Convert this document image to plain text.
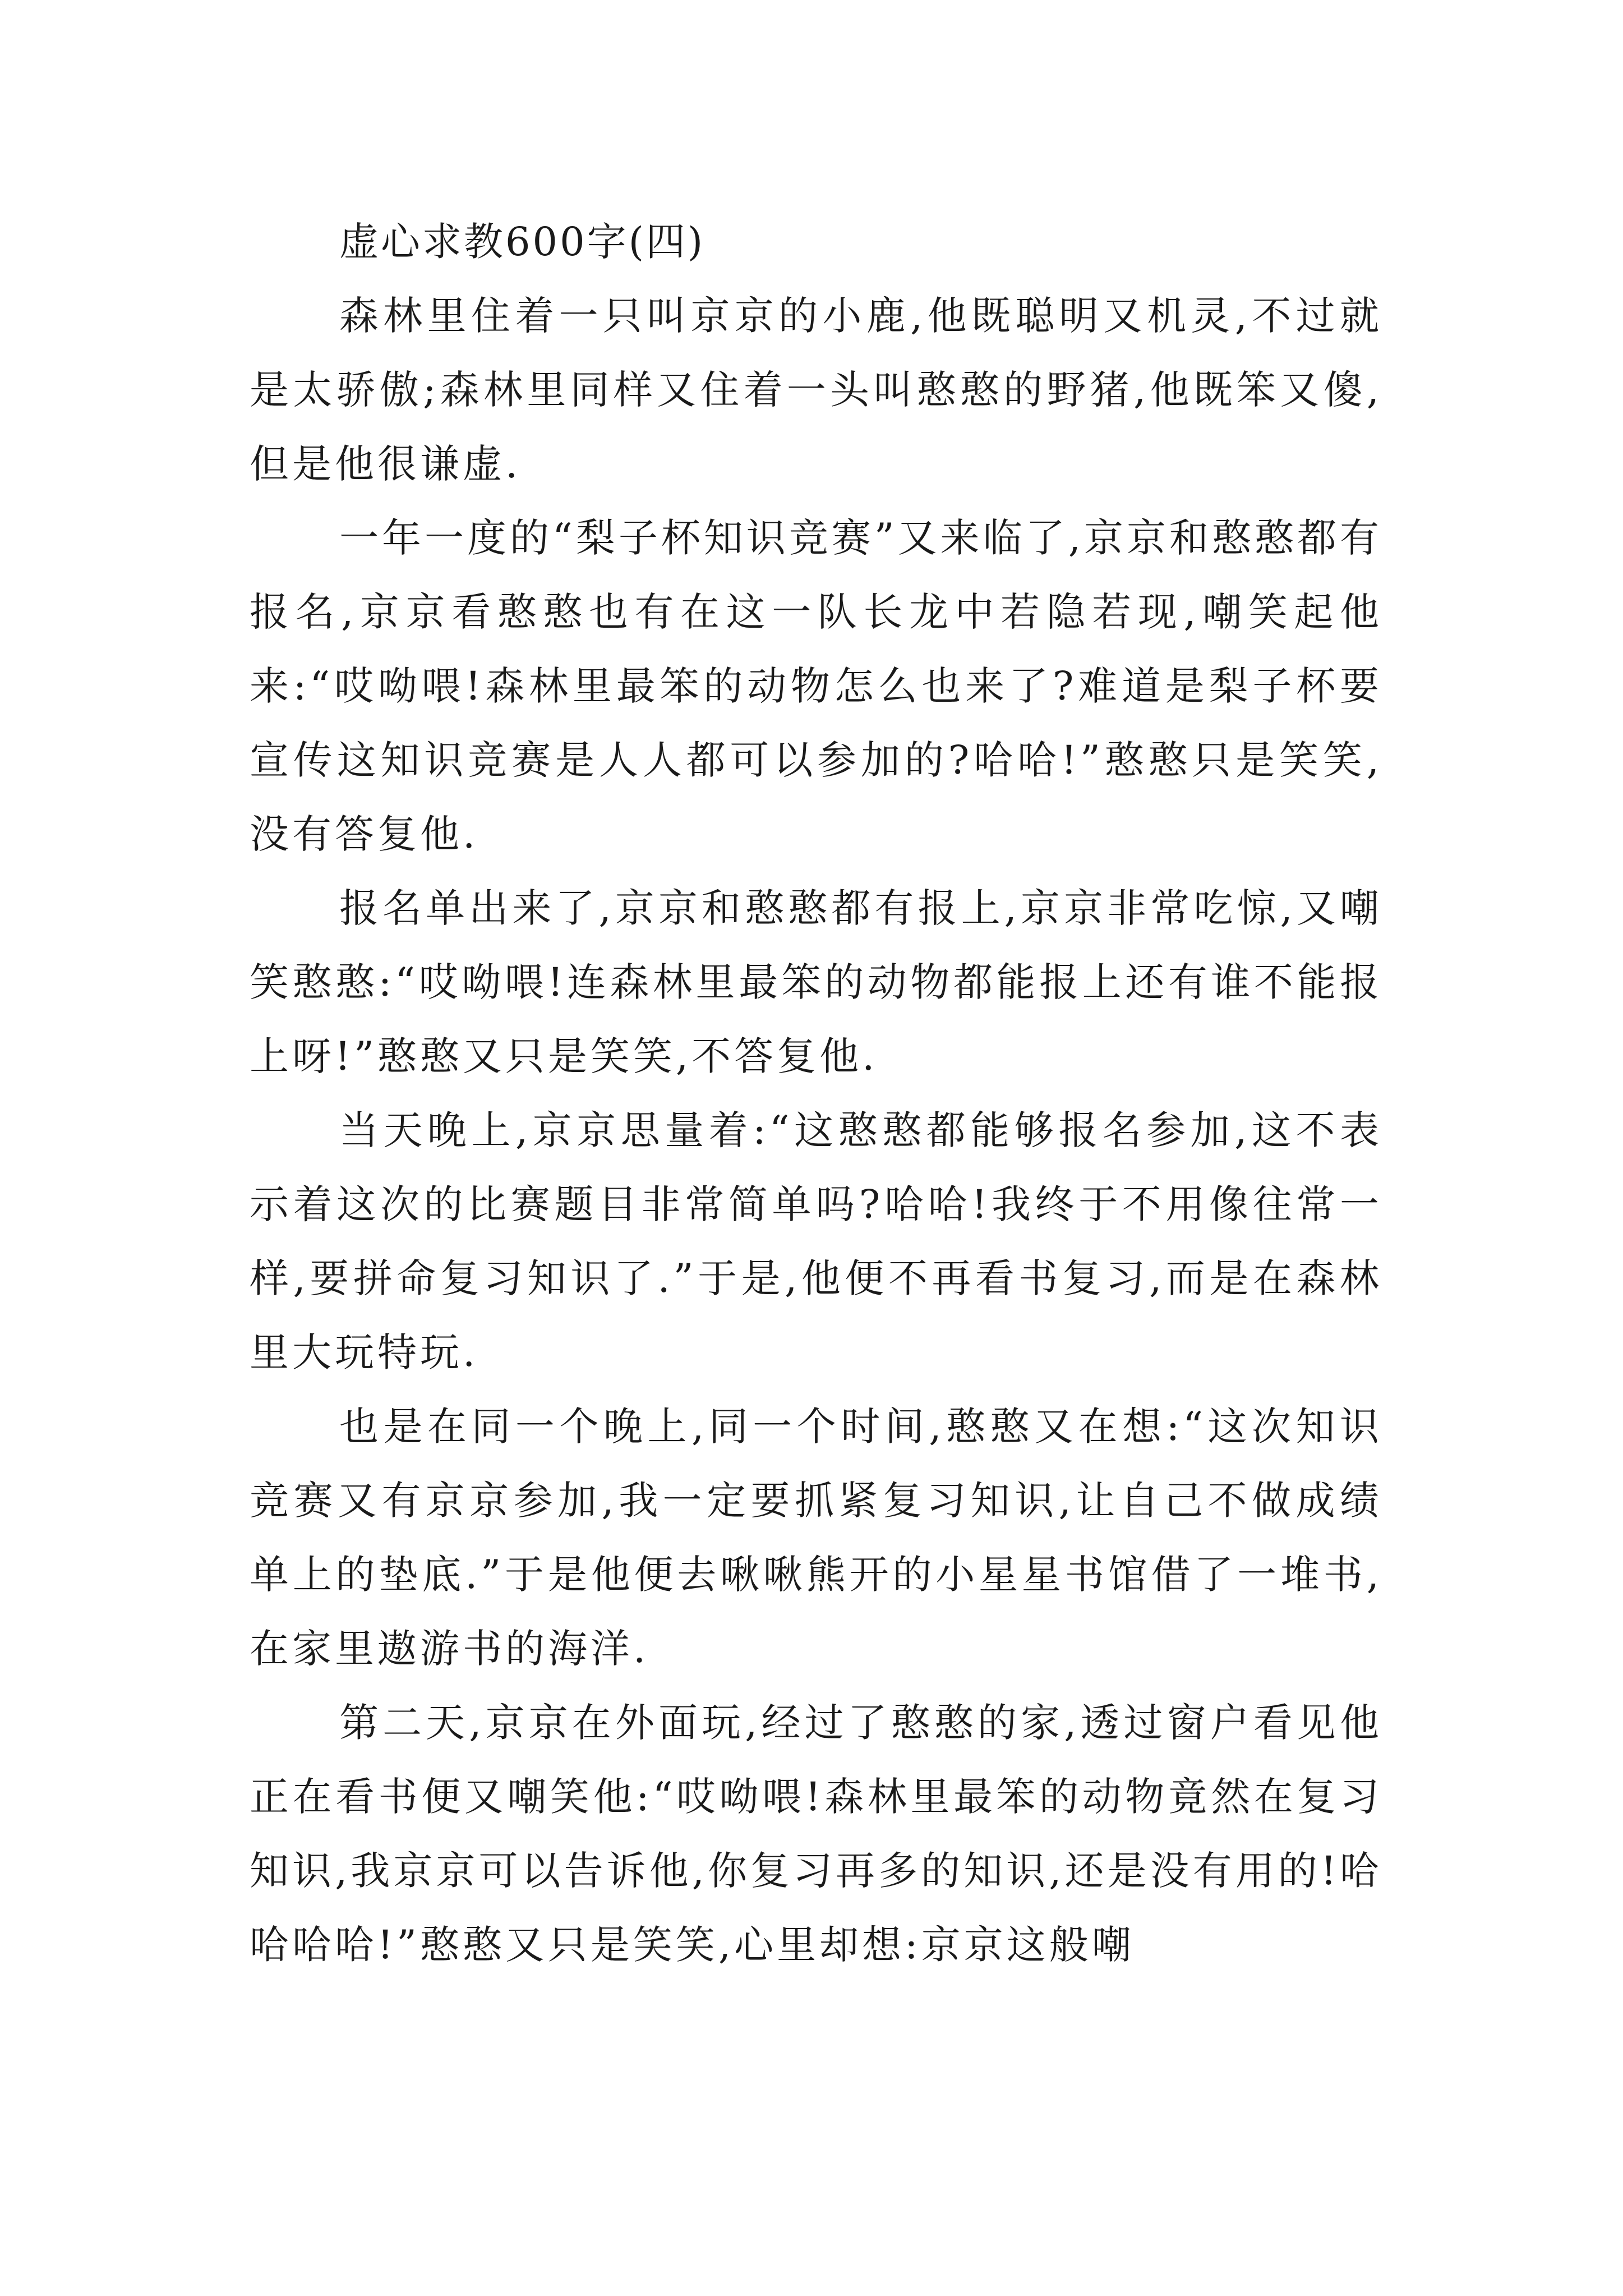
虚心求教600字(四)

森林里住着一只叫京京的小鹿,他既聪明又机灵,不过就是太骄傲;森林里同样又住着一头叫憨憨的野猪,他既笨又傻,但是他很谦虚.

一年一度的“梨子杯知识竞赛”又来临了,京京和憨憨都有报名,京京看憨憨也有在这一队长龙中若隐若现,嘲笑起他来:“哎呦喂!森林里最笨的动物怎么也来了?难道是梨子杯要宣传这知识竞赛是人人都可以参加的?哈哈!”憨憨只是笑笑,没有答复他.

报名单出来了,京京和憨憨都有报上,京京非常吃惊,又嘲笑憨憨:“哎呦喂!连森林里最笨的动物都能报上还有谁不能报上呀!”憨憨又只是笑笑,不答复他.

当天晚上,京京思量着:“这憨憨都能够报名参加,这不表示着这次的比赛题目非常简单吗?哈哈!我终于不用像往常一样,要拼命复习知识了.”于是,他便不再看书复习,而是在森林里大玩特玩.

也是在同一个晚上,同一个时间,憨憨又在想:“这次知识竞赛又有京京参加,我一定要抓紧复习知识,让自己不做成绩单上的垫底.”于是他便去啾啾熊开的小星星书馆借了一堆书,在家里遨游书的海洋.

第二天,京京在外面玩,经过了憨憨的家,透过窗户看见他正在看书便又嘲笑他:“哎呦喂!森林里最笨的动物竟然在复习知识,我京京可以告诉他,你复习再多的知识,还是没有用的!哈哈哈哈!”憨憨又只是笑笑,心里却想:京京这般嘲
